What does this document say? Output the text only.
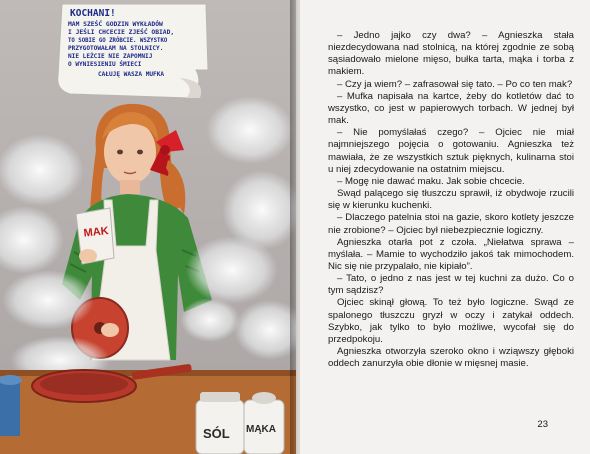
KOCHANI!
MAM SZEŚĆ GODZIN WYKŁADÓW
I JEŚLI CHCECIE ZJEŚĆ OBIAD,
TO SOBIE GO ZRÓBCIE. WSZYSTKO
PRZYGOTOWAŁAM NA STOLNICY.
NIE LEŻCIE NIE ZAPOMNIJ
O WYNIESIENIU ŚMIECI
CAŁUJĘ WASZA MUFKA
MAK
SÓL MĄKA

– Jedno jajko czy dwa? – Agnieszka stała niezdecydowana nad stolnicą, na której zgodnie ze sobą sąsiadowało mielone mięso, bułka tarta, mąka i torba z makiem.

– Czy ja wiem? – zafrasował się tato. – Po co ten mak?

– Mufka napisała na kartce, żeby do kotletów dać to wszystko, co jest w papierowych torbach. W jednej był mak.

– Nie pomyślałaś czego? – Ojciec nie miał najmniejszego pojęcia o gotowaniu. Agnieszka też mawiała, że ze wszystkich sztuk pięknych, kulinarna stoi u niej zdecydowanie na ostatnim miejscu.

– Mogę nie dawać maku. Jak sobie chcecie.

Swąd palącego się tłuszczu sprawił, iż obydwoje rzucili się w kierunku kuchenki.

– Dlaczego patelnia stoi na gazie, skoro kotlety jeszcze nie zrobione? – Ojciec był niebezpiecznie logiczny.

Agnieszka otarła pot z czoła. „Niełatwa sprawa – myślała. – Mamie to wychodziło jakoś tak mimochodem. Nic się nie przypalało, nie kipiało”.

– Tato, o jedno z nas jest w tej kuchni za dużo. Co o tym sądzisz?

Ojciec skinął głową. To też było logiczne. Swąd ze spalonego tłuszczu gryzł w oczy i zatykał oddech. Szybko, jak tylko to było możliwe, wycofał się do przedpokoju.

Agnieszka otworzyła szeroko okno i wziąwszy głęboki oddech zanurzyła obie dłonie w mięsnej masie.

23
